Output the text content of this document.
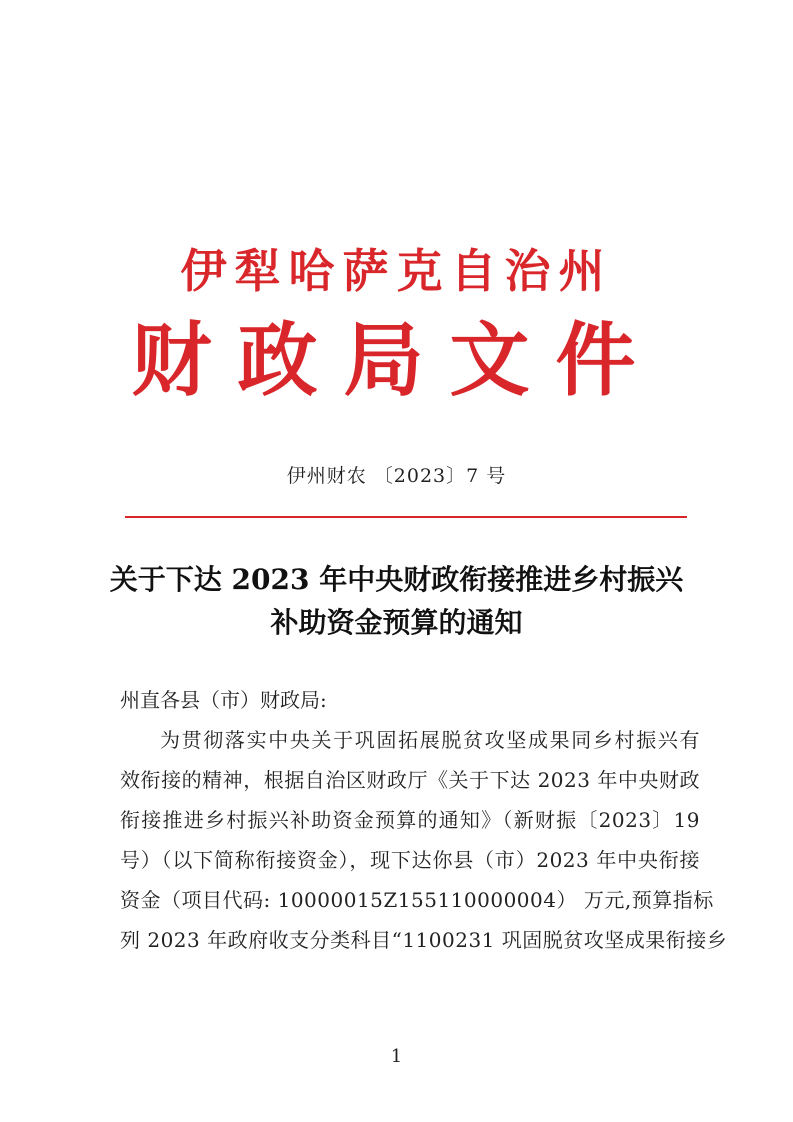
伊犁哈萨克自治州
财政局文件
伊州财农 〔2023〕7 号
关于下达 2023 年中央财政衔接推进乡村振兴
补助资金预算的通知
州直各县（市）财政局:
为贯彻落实中央关于巩固拓展脱贫攻坚成果同乡村振兴有
效衔接的精神，根据自治区财政厅《关于下达 2023 年中央财政
衔接推进乡村振兴补助资金预算的通知》（新财振〔2023〕19
号）（以下简称衔接资金），现下达你县（市）2023 年中央衔接
资金（项目代码: 10000015Z155110000004） 万元,预算指标
列 2023 年政府收支分类科目“1100231 巩固脱贫攻坚成果衔接乡
1
